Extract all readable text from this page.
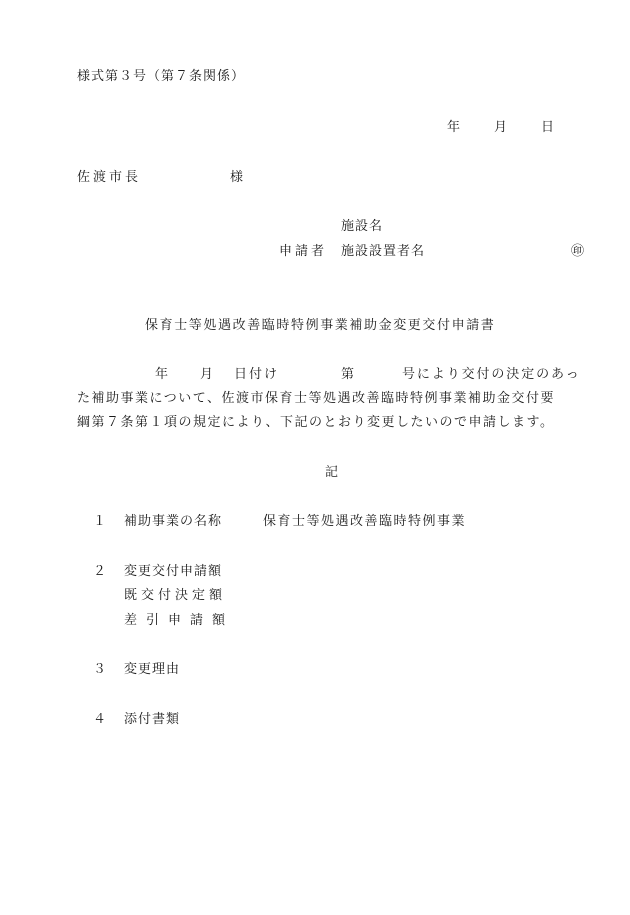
様式第３号（第７条関係）
年	月	日
佐渡市長	様
施設名
申請者 施設設置者名	㊞
保育士等処遇改善臨時特例事業補助金変更交付申請書
年 月 日付け	第	号により交付の決定のあっ
た補助事業について、佐渡市保育士等処遇改善臨時特例事業補助金交付要
綱第７条第１項の規定により、下記のとおり変更したいので申請します。
記
１ 補助事業の名称	保育士等処遇改善臨時特例事業
２ 変更交付申請額
既交付決定額
差引申請額
３ 変更理由
４ 添付書類
